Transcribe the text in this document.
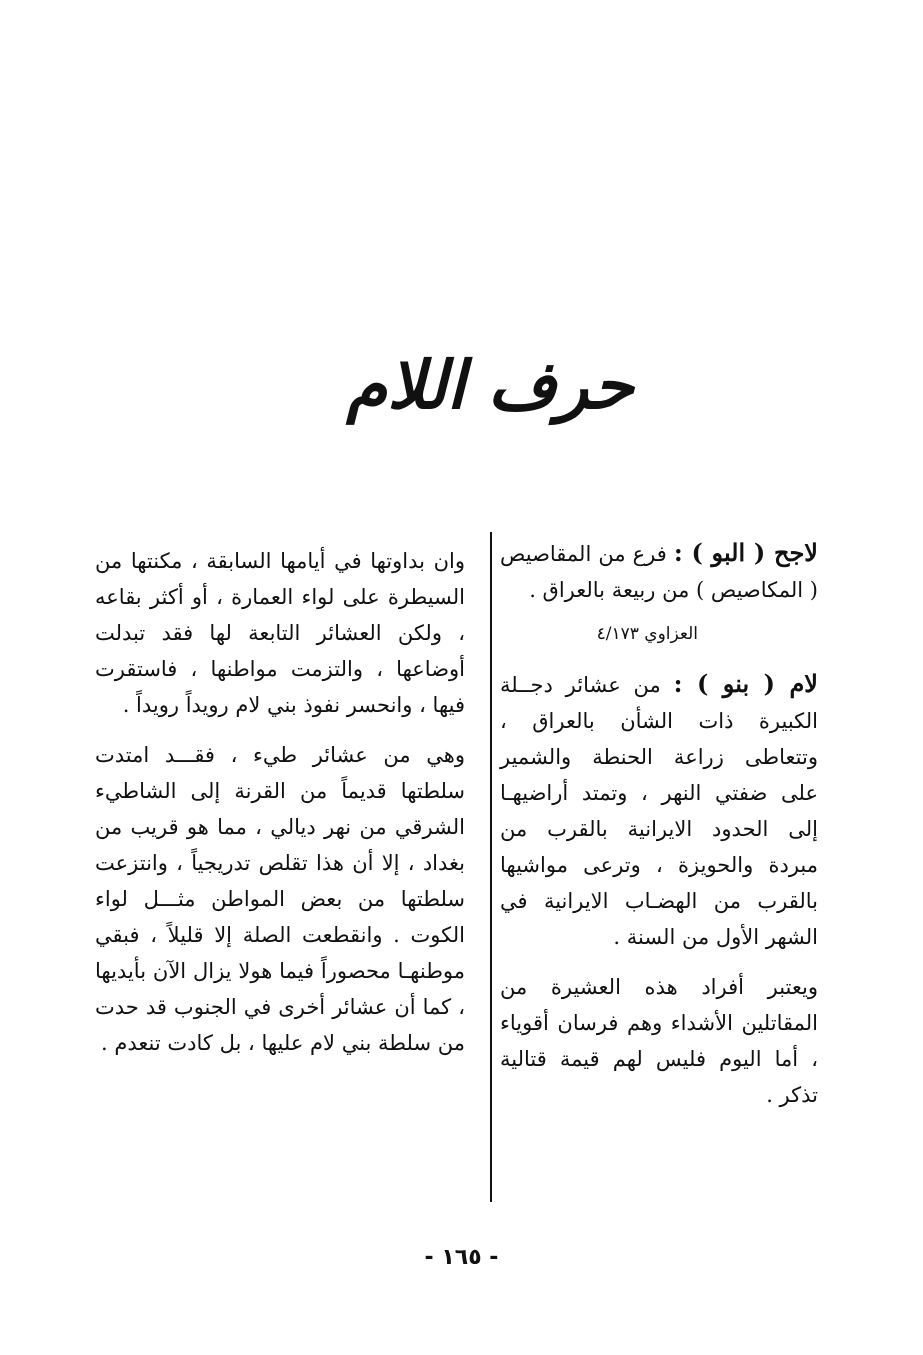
حرف اللام

لاجح ( البو ) : فرع من المقاصيص ( المكاصيص ) من ربيعة بالعراق .

العزاوي ٤/١٧٣

لام ( بنو ) : من عشائر دجــلة الكبيرة ذات الشأن بالعراق ، وتتعاطى زراعة الحنطة والشمير على ضفتي النهر ، وتمتد أراضيهـا إلى الحدود الايرانية بالقرب من مبردة والحويزة ، وترعى مواشيها بالقرب من الهضـاب الايرانية في الشهر الأول من السنة .

ويعتبر أفراد هذه العشيرة من المقاتلين الأشداء وهم فرسان أقوياء ، أما اليوم فليس لهم قيمة قتالية تذكر .

وان بداوتها في أيامها السابقة ، مكنتها من السيطرة على لواء العمارة ، أو أكثر بقاعه ، ولكن العشائر التابعة لها فقد تبدلت أوضاعها ، والتزمت مواطنها ، فاستقرت فيها ، وانحسر نفوذ بني لام رويداً رويداً .

وهي من عشائر طيء ، فقـــد امتدت سلطتها قديماً من القرنة إلى الشاطيء الشرقي من نهر ديالي ، مما هو قريب من بغداد ، إلا أن هذا تقلص تدريجياً ، وانتزعت سلطتها من بعض المواطن مثـــل لواء الكوت . وانقطعت الصلة إلا قليلاً ، فبقي موطنهـا محصوراً فيما هولا يزال الآن بأيديها ، كما أن عشائر أخرى في الجنوب قد حدت من سلطة بني لام عليها ، بل كادت تنعدم .

- ١٦٥ -
